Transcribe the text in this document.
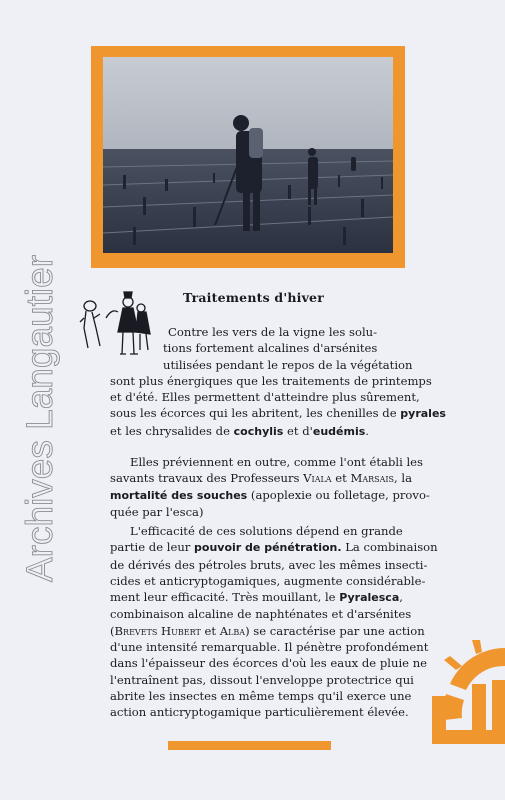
Archives Langautier	Traitements d'hiver

Contre les vers de la vigne les solu-
tions fortement alcalines d'arsénites
utilisées pendant le repos de la végétation
sont plus énergiques que les traitements de printemps
et d'été. Elles permettent d'atteindre plus sûrement,
sous les écorces qui les abritent, les chenilles de pyrales
et les chrysalides de cochylis et d'eudémis.

Elles préviennent en outre, comme l'ont établi les
savants travaux des Professeurs Viala et Marsais, la
mortalité des souches (apoplexie ou folletage, provo-
quée par l'esca)

L'efficacité de ces solutions dépend en grande
partie de leur pouvoir de pénétration. La combinaison
de dérivés des pétroles bruts, avec les mêmes insecti-
cides et anticryptogamiques, augmente considérable-
ment leur efficacité. Très mouillant, le Pyralesca,
combinaison alcaline de naphténates et d'arsénites
(Brevets Hubert et Alba) se caractérise par une action
d'une intensité remarquable. Il pénètre profondément
dans l'épaisseur des écorces d'où les eaux de pluie ne
l'entraînent pas, dissout l'enveloppe protectrice qui
abrite les insectes en même temps qu'il exerce une
action anticryptogamique particulièrement élevée.
